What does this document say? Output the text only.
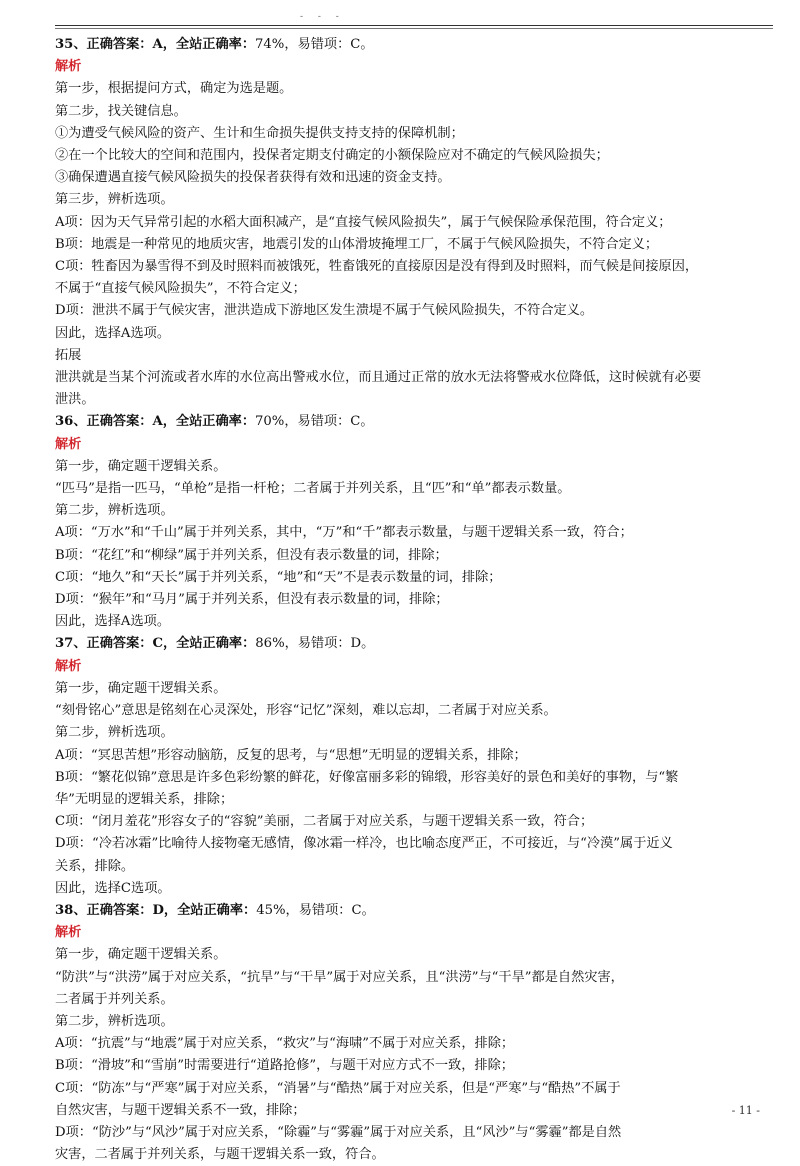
- - -

35、正确答案：A，全站正确率：74%，易错项：C。

解析

第一步，根据提问方式，确定为选是题。

第二步，找关键信息。

①为遭受气候风险的资产、生计和生命损失提供支持支持的保障机制；

②在一个比较大的空间和范围内，投保者定期支付确定的小额保险应对不确定的气候风险损失；

③确保遭遇直接气候风险损失的投保者获得有效和迅速的资金支持。

第三步，辨析选项。

A项：因为天气异常引起的水稻大面积减产，是“直接气候风险损失”，属于气候保险承保范围，符合定义；

B项：地震是一种常见的地质灾害，地震引发的山体滑坡掩埋工厂，不属于气候风险损失，不符合定义；

C项：牲畜因为暴雪得不到及时照料而被饿死，牲畜饿死的直接原因是没有得到及时照料，而气候是间接原因，

不属于“直接气候风险损失”，不符合定义；

D项：泄洪不属于气候灾害，泄洪造成下游地区发生溃堤不属于气候风险损失，不符合定义。

因此，选择A选项。

拓展

泄洪就是当某个河流或者水库的水位高出警戒水位，而且通过正常的放水无法将警戒水位降低，这时候就有必要

泄洪。

36、正确答案：A，全站正确率：70%，易错项：C。

解析

第一步，确定题干逻辑关系。

“匹马”是指一匹马，“单枪”是指一杆枪；二者属于并列关系，且“匹”和“单”都表示数量。

第二步，辨析选项。

A项：“万水”和“千山”属于并列关系，其中，“万”和“千”都表示数量，与题干逻辑关系一致，符合；

B项：“花红”和“柳绿”属于并列关系，但没有表示数量的词，排除；

C项：“地久”和“天长”属于并列关系，“地”和“天”不是表示数量的词，排除；

D项：“猴年”和“马月”属于并列关系，但没有表示数量的词，排除；

因此，选择A选项。

37、正确答案：C，全站正确率：86%，易错项：D。

解析

第一步，确定题干逻辑关系。

“刻骨铭心”意思是铭刻在心灵深处，形容“记忆”深刻，难以忘却，二者属于对应关系。

第二步，辨析选项。

A项：“冥思苦想”形容动脑筋，反复的思考，与“思想”无明显的逻辑关系，排除；

B项：“繁花似锦”意思是许多色彩纷繁的鲜花，好像富丽多彩的锦缎，形容美好的景色和美好的事物，与“繁

华”无明显的逻辑关系，排除；

C项：“闭月羞花”形容女子的“容貌”美丽，二者属于对应关系，与题干逻辑关系一致，符合；

D项：“冷若冰霜”比喻待人接物毫无感情，像冰霜一样冷，也比喻态度严正，不可接近，与“冷漠”属于近义

关系，排除。

因此，选择C选项。

38、正确答案：D，全站正确率：45%，易错项：C。

解析

第一步，确定题干逻辑关系。

“防洪”与“洪涝”属于对应关系，“抗旱”与“干旱”属于对应关系，且“洪涝”与“干旱”都是自然灾害，

二者属于并列关系。

第二步，辨析选项。

A项：“抗震”与“地震”属于对应关系，“救灾”与“海啸”不属于对应关系，排除；

B项：“滑坡”和“雪崩”时需要进行“道路抢修”，与题干对应方式不一致，排除；

C项：“防冻”与“严寒”属于对应关系，“消暑”与“酷热”属于对应关系，但是“严寒”与“酷热”不属于

自然灾害，与题干逻辑关系不一致，排除；

D项：“防沙”与“风沙”属于对应关系，“除霾”与“雾霾”属于对应关系，且“风沙”与“雾霾”都是自然

灾害，二者属于并列关系，与题干逻辑关系一致，符合。

- 11 -
